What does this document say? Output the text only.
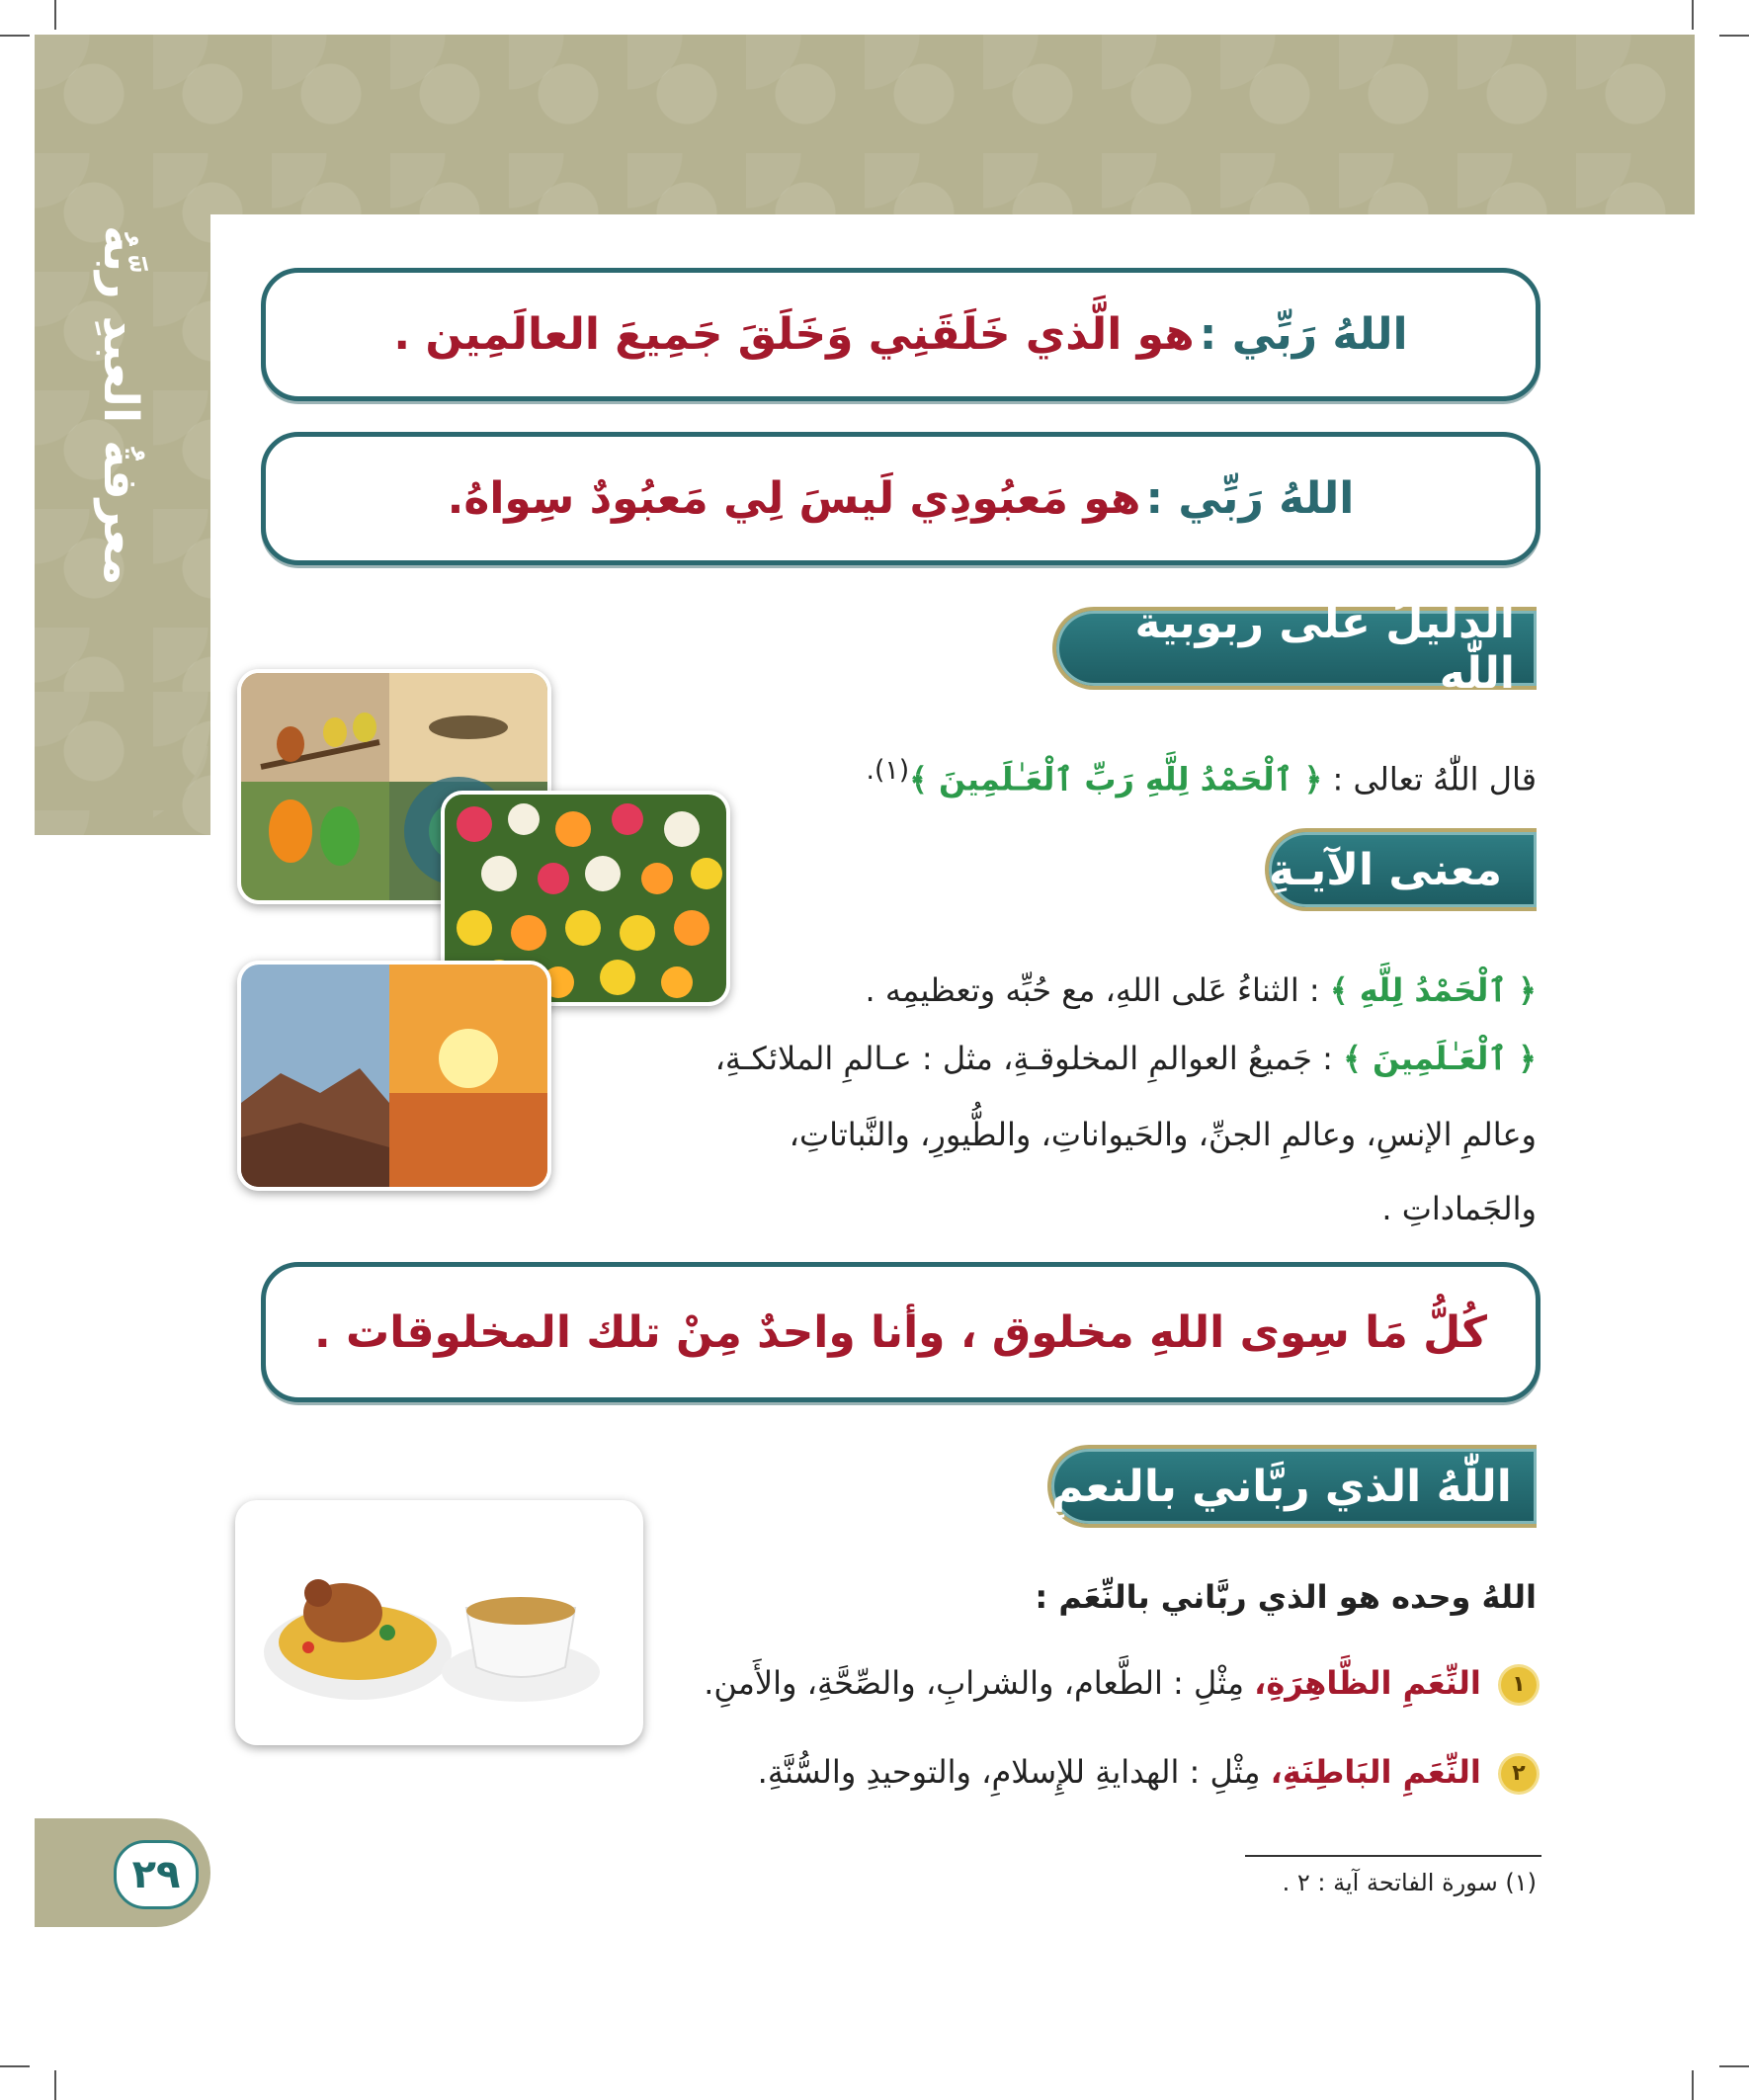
معرفةُ العبدِ ربَّهُ
٢٩
اللهُ رَبِّي :

هو الَّذي خَلَقَنِي وَخَلَقَ جَمِيعَ العالَمِين .
اللهُ رَبِّي :

هو مَعبُودِي لَيسَ لِي مَعبُودٌ سِواهُ.
الدليلُ على ربوبية اللّٰهِ
قال اللّٰهُ تعالى : ﴿ ٱلْحَمْدُ لِلَّهِ رَبِّ ٱلْعَـٰلَمِينَ ﴾$^{(١).}$
معنى الآيـةِ
﴿ ٱلْحَمْدُ لِلَّهِ ﴾ : الثناءُ عَلى اللهِ، مع حُبِّه وتعظيمِه .
﴿ ٱلْعَـٰلَمِينَ ﴾ : جَميعُ العوالمِ المخلوقـةِ، مثل : عـالمِ الملائكـةِ،
وعالمِ الإنسِ، وعالمِ الجنِّ، والحَيواناتِ، والطُّيورِ، والنَّباتاتِ،
والجَماداتِ .
كُلُّ مَا سِوى اللهِ مخلوق ، وأنا واحدٌ مِنْ تلك المخلوقات .
اللّٰهُ الذي ربَّاني بالنعمِ
اللهُ وحده هو الذي ربَّاني بالنِّعَم :
١ النِّعَمِ الظَّاهِرَةِ، مِثْلِ : الطَّعام، والشرابِ، والصِّحَّةِ، والأَمنِ.
٢ النِّعَمِ البَاطِنَةِ، مِثْلِ : الهدايةِ للإِسلامِ، والتوحيدِ والسُّنَّةِ.
(١) سورة الفاتحة آية : ٢ .
